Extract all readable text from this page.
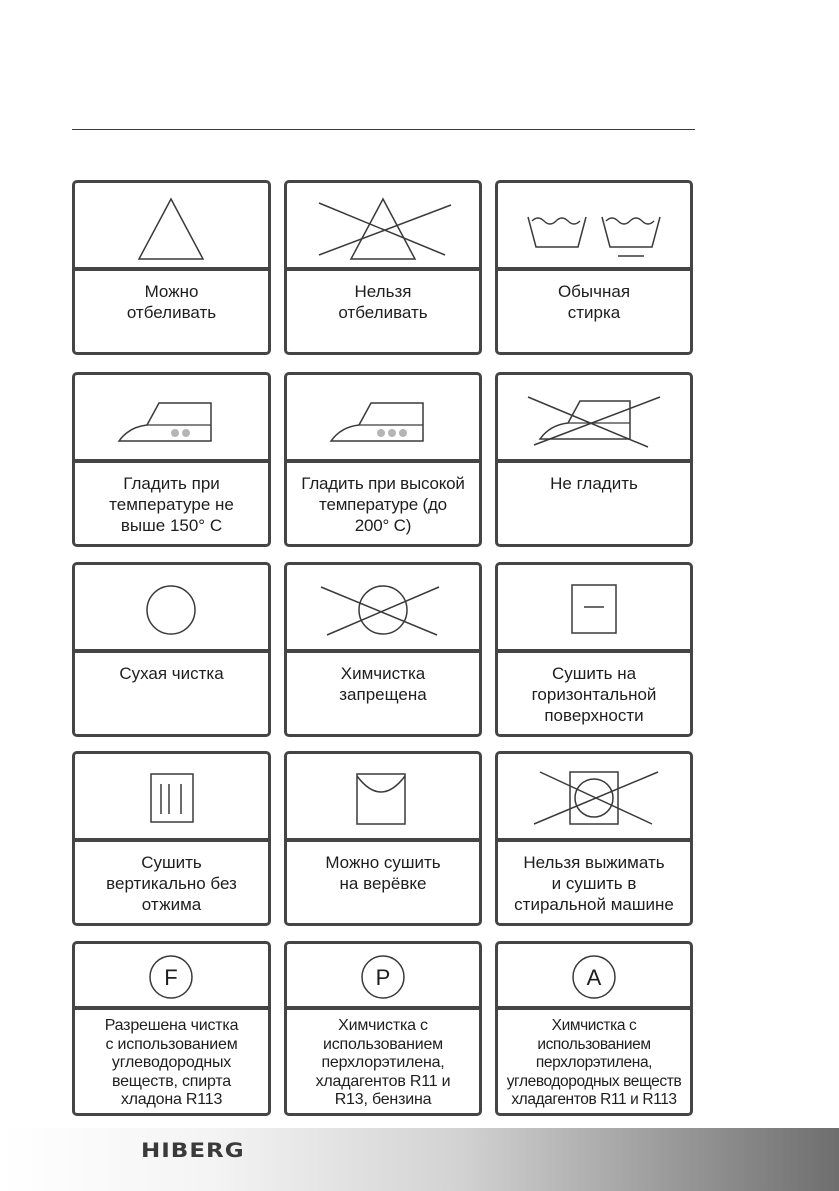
Можно
отбеливать
Нельзя
отбеливать
Обычная
стирка
Гладить при
температуре не
выше 150° C
Гладить при высокой
температуре (до
200° C)
Не гладить
Сухая чистка	Химчистка
запрещена
Сушить на
горизонтальной
поверхности
Сушить
вертикально без
отжима
Можно сушить
на верёвке
Нельзя выжимать
и сушить в
стиральной машине
F
Разрешена чистка
с использованием
углеводородных
веществ, спирта
хладона R113
P
Химчистка с
использованием
перхлорэтилена,
хладагентов R11 и
R13, бензина
A
Химчистка с
использованием
перхлорэтилена,
углеводородных веществ
хладагентов R11 и R113
HIBERG
